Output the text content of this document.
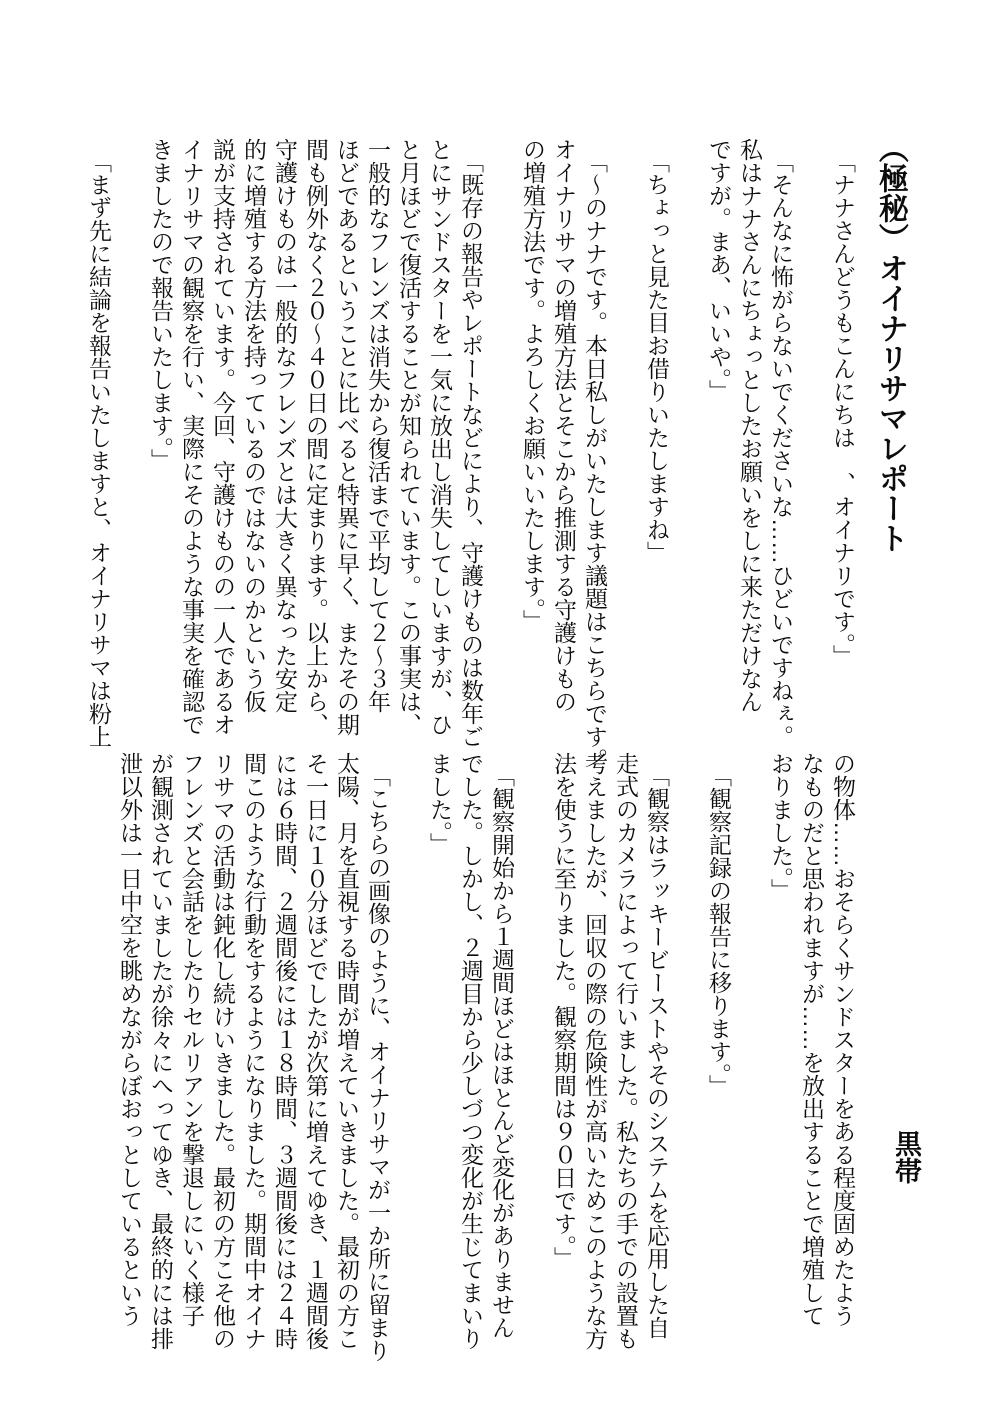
（極秘）オイナリサマレポート
「ナナさんどうもこんにちは　、オイナリです。」
「そんなに怖がらないでくださいな……ひどいですねぇ。
私はナナさんにちょっとしたお願いをしに来ただけなん
ですが。まあ、いいや。」
「ちょっと見た目お借りいたしますね」
「〜のナナです。本日私しがいたします議題はこちらです。
オイナリサマの増殖方法とそこから推測する守護けもの
の増殖方法です。よろしくお願いいたします。」
「既存の報告やレポートなどにより、守護けものは数年ご
とにサンドスターを一気に放出し消失してしいますが、ひ
と月ほどで復活することが知られています。この事実は、
一般的なフレンズは消失から復活まで平均して２〜３年
ほどであるということに比べると特異に早く、またその期
間も例外なく２０〜４０日の間に定まります。以上から、
守護けものは一般的なフレンズとは大きく異なった安定
的に増殖する方法を持っているのではないのかという仮
説が支持されています。今回、守護けものの一人であるオ
イナリサマの観察を行い、実際にそのような事実を確認で
きましたので報告いたします。」
「まず先に結論を報告いたしますと、オイナリサマは粉上
の物体……おそらくサンドスターをある程度固めたよう
なものだと思われますが……を放出することで増殖して
おりました。」
「観察記録の報告に移ります。」
「観察はラッキービーストやそのシステムを応用した自
走式のカメラによって行いました。私たちの手での設置も
考えましたが、回収の際の危険性が高いためこのような方
法を使うに至りました。観察期間は９０日です。」
「観察開始から１週間ほどはほとんど変化がありません
でした。しかし、２週目から少しづつ変化が生じてまいり
ました。」
「こちらの画像のように、オイナリサマが一か所に留まり
太陽、月を直視する時間が増えていきました。最初の方こ
そ一日に１０分ほどでしたが次第に増えてゆき、１週間後
には６時間、２週間後には１８時間、３週間後には２４時
間このような行動をするようになりました。期間中オイナ
リサマの活動は鈍化し続けいきました。最初の方こそ他の
フレンズと会話をしたりセルリアンを撃退しにいく様子
が観測されていましたが徐々にへってゆき、最終的には排
泄以外は一日中空を眺めながらぼおっとしているという	黒帯
